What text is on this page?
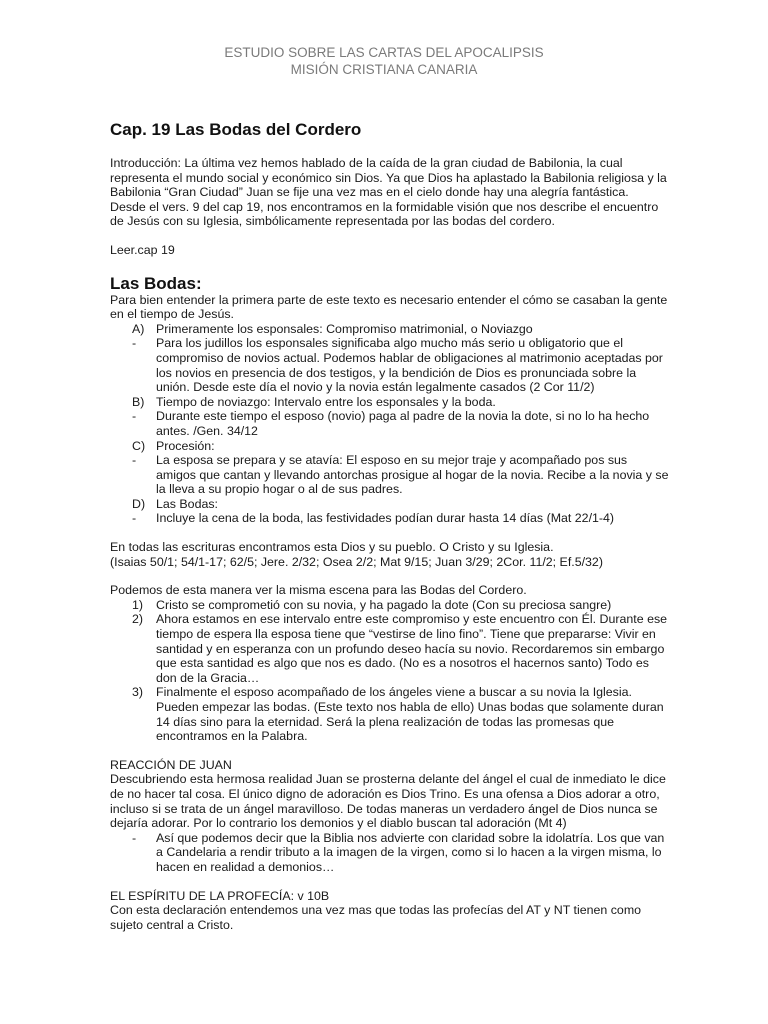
ESTUDIO SOBRE LAS CARTAS DEL APOCALIPSIS
MISIÓN CRISTIANA CANARIA
Cap. 19 Las Bodas del Cordero

Introducción: La última vez hemos hablado de la caída de la gran ciudad de Babilonia, la cual representa el mundo social y económico sin Dios. Ya que Dios ha aplastado la Babilonia religiosa y la Babilonia “Gran Ciudad” Juan se fije una vez mas en el cielo donde hay una alegría fantástica.

Desde el vers. 9 del cap 19, nos encontramos en la formidable visión que nos describe el encuentro de Jesús con su Iglesia, simbólicamente representada por las bodas del cordero.

Leer.cap 19

Las Bodas:

Para bien entender la primera parte de este texto es necesario entender el cómo se casaban la gente en el tiempo de Jesús.

A) Primeramente los esponsales: Compromiso matrimonial, o Noviazgo
-	Para los judillos los esponsales significaba algo mucho más serio u obligatorio que el compromiso de novios actual. Podemos hablar de obligaciones al matrimonio aceptadas por los novios en presencia de dos testigos, y la bendición de Dios es pronunciada sobre la unión. Desde este día el novio y la novia están legalmente casados (2 Cor 11/2)
B) Tiempo de noviazgo: Intervalo entre los esponsales y la boda.
-	Durante este tiempo el esposo (novio) paga al padre de la novia la dote, si no lo ha hecho antes. /Gen. 34/12
C) Procesión:
-	La esposa se prepara y se atavía: El esposo en su mejor traje y acompañado pos sus amigos que cantan y llevando antorchas prosigue al hogar de la novia. Recibe a la novia y se la lleva a su propio hogar o al de sus padres.
D) Las Bodas:
-	Incluye la cena de la boda, las festividades podían durar hasta 14 días (Mat 22/1-4)

En todas las escrituras encontramos esta Dios y su pueblo. O Cristo y su Iglesia.

(Isaias 50/1; 54/1-17; 62/5; Jere. 2/32; Osea 2/2; Mat 9/15; Juan 3/29; 2Cor. 11/2; Ef.5/32)

Podemos de esta manera ver la misma escena para las Bodas del Cordero.

1)	Cristo se comprometió con su novia, y ha pagado la dote (Con su preciosa sangre)
2)	Ahora estamos en ese intervalo entre este compromiso y este encuentro con Él. Durante ese tiempo de espera lla esposa tiene que “vestirse de lino fino”. Tiene que prepararse: Vivir en santidad y en esperanza con un profundo deseo hacía su novio. Recordaremos sin embargo que esta santidad es algo que nos es dado. (No es a nosotros el hacernos santo) Todo es don de la Gracia…
3)	Finalmente el esposo acompañado de los ángeles viene a buscar a su novia la Iglesia. Pueden empezar las bodas. (Este texto nos habla de ello) Unas bodas que solamente duran 14 días sino para la eternidad. Será la plena realización de todas las promesas que encontramos en la Palabra.

REACCIÓN DE JUAN

Descubriendo esta hermosa realidad Juan se prosterna delante del ángel el cual de inmediato le dice de no hacer tal cosa. El único digno de adoración es Dios Trino. Es una ofensa a Dios adorar a otro, incluso si se trata de un ángel maravilloso. De todas maneras un verdadero ángel de Dios nunca se dejaría adorar. Por lo contrario los demonios y el diablo buscan tal adoración (Mt 4)

-	Así que podemos decir que la Biblia nos advierte con claridad sobre la idolatría. Los que van a Candelaria a rendir tributo a la imagen de la virgen, como si lo hacen a la virgen misma, lo hacen en realidad a demonios…

EL ESPÍRITU DE LA PROFECÍA: v 10B

Con esta declaración entendemos una vez mas que todas las profecías del AT y NT tienen como sujeto central a Cristo.
